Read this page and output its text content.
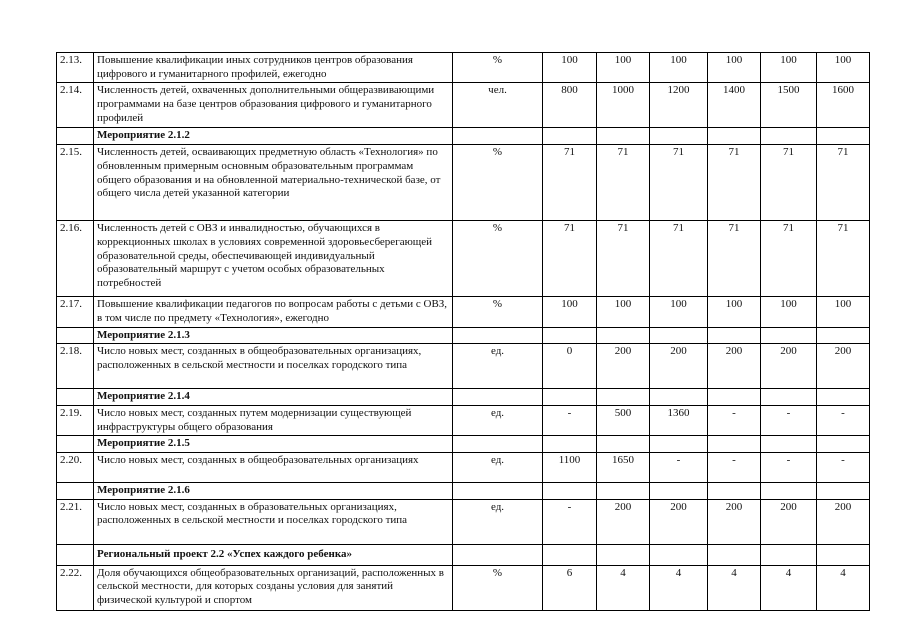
2.13.	Повышение квалификации иных сотрудников центров образования цифрового и гуманитарного профилей, ежегодно	%	100	100	100	100	100	100
2.14.	Численность детей, охваченных дополнительными общеразвивающими программами на базе центров образования цифрового и гуманитарного профилей	чел.	800	1000	1200	1400	1500	1600
	Мероприятие 2.1.2							
2.15.	Численность детей, осваивающих предметную область «Технология» по обновленным примерным основным образовательным программам общего образования и на обновленной материально-технической базе, от общего числа детей указанной категории	%	71	71	71	71	71	71
2.16.	Численность детей с ОВЗ и инвалидностью, обучающихся в коррекционных школах в условиях современной здоровьесберегающей образовательной среды, обеспечивающей индивидуальный образовательный маршрут с учетом особых образовательных потребностей	%	71	71	71	71	71	71
2.17.	Повышение квалификации педагогов по вопросам работы с детьми с ОВЗ, в том числе по предмету «Технология», ежегодно	%	100	100	100	100	100	100
	Мероприятие 2.1.3							
2.18.	Число новых мест, созданных в общеобразовательных организациях, расположенных в сельской местности и поселках городского типа	ед.	0	200	200	200	200	200
	Мероприятие 2.1.4							
2.19.	Число новых мест, созданных путем модернизации существующей инфраструктуры общего образования	ед.	-	500	1360	-	-	-
	Мероприятие 2.1.5							
2.20.	Число новых мест, созданных в общеобразовательных организациях	ед.	1100	1650	-	-	-	-
	Мероприятие 2.1.6							
2.21.	Число новых мест, созданных в образовательных организациях, расположенных в сельской местности и поселках городского типа	ед.	-	200	200	200	200	200
	Региональный проект 2.2 «Успех каждого ребенка»							
2.22.	Доля обучающихся общеобразовательных организаций, расположенных в сельской местности, для которых созданы условия для занятий физической культурой и спортом	%	6	4	4	4	4	4
